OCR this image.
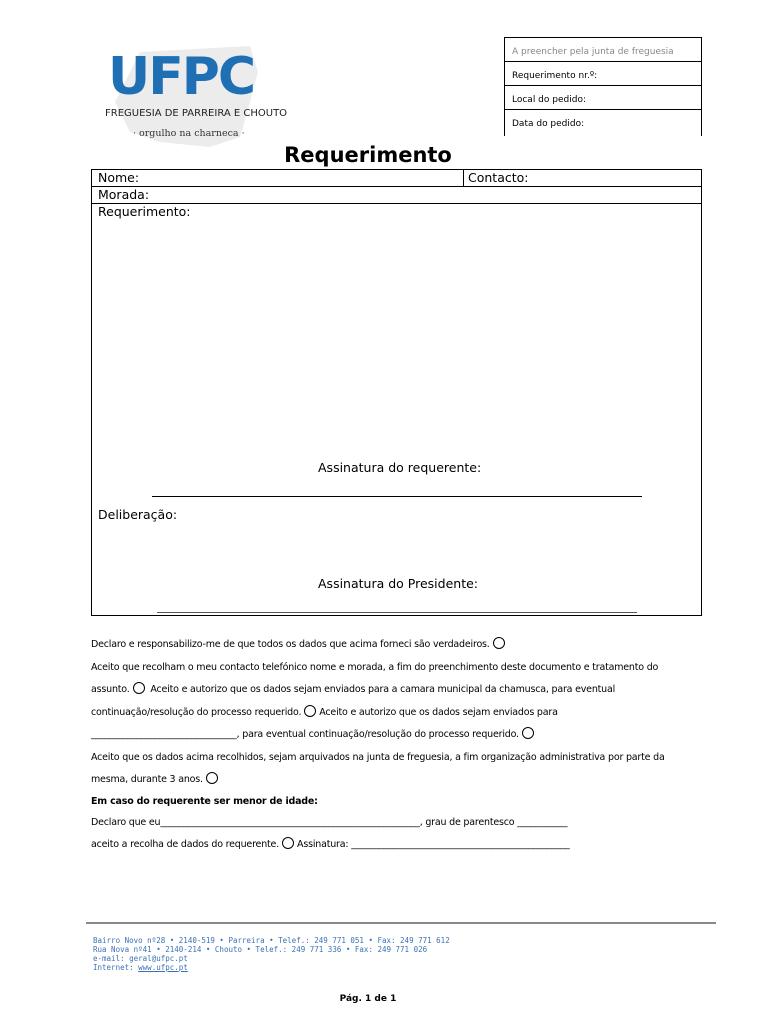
UFPC
FREGUESIA DE PARREIRA E CHOUTO
· orgulho na charneca ·
A preencher pela junta de freguesia
Requerimento nr.º:
Local do pedido:
Data do pedido:
Requerimento
Nome:	Contacto:
Morada:
Requerimento:
Assinatura do requerente:
Deliberação:
Assinatura do Presidente:

Declaro e responsabilizo-me de que todos os dados que acima forneci são verdadeiros.

Aceito que recolham o meu contacto telefónico nome e morada, a fim do preenchimento deste documento e tratamento do

assunto. Aceito e autorizo que os dados sejam enviados para a camara municipal da chamusca, para eventual

continuação/resolução do processo requerido. Aceito e autorizo que os dados sejam enviados para

________________________________, para eventual continuação/resolução do processo requerido.

Aceito que os dados acima recolhidos, sejam arquivados na junta de freguesia, a fim organização administrativa por parte da

mesma, durante 3 anos.

Em caso do requerente ser menor de idade:

Declaro que eu_________________________________________________________, grau de parentesco ___________

aceito a recolha de dados do requerente. Assinatura: ________________________________________________

Bairro Novo nº28 • 2140-519 • Parreira • Telef.: 249 771 051 • Fax: 249 771 612
Rua Nova nº41 • 2140-214 • Chouto • Telef.: 249 771 336 • Fax: 249 771 026
e-mail: geral@ufpc.pt
Internet: www.ufpc.pt
Pág. 1 de 1
